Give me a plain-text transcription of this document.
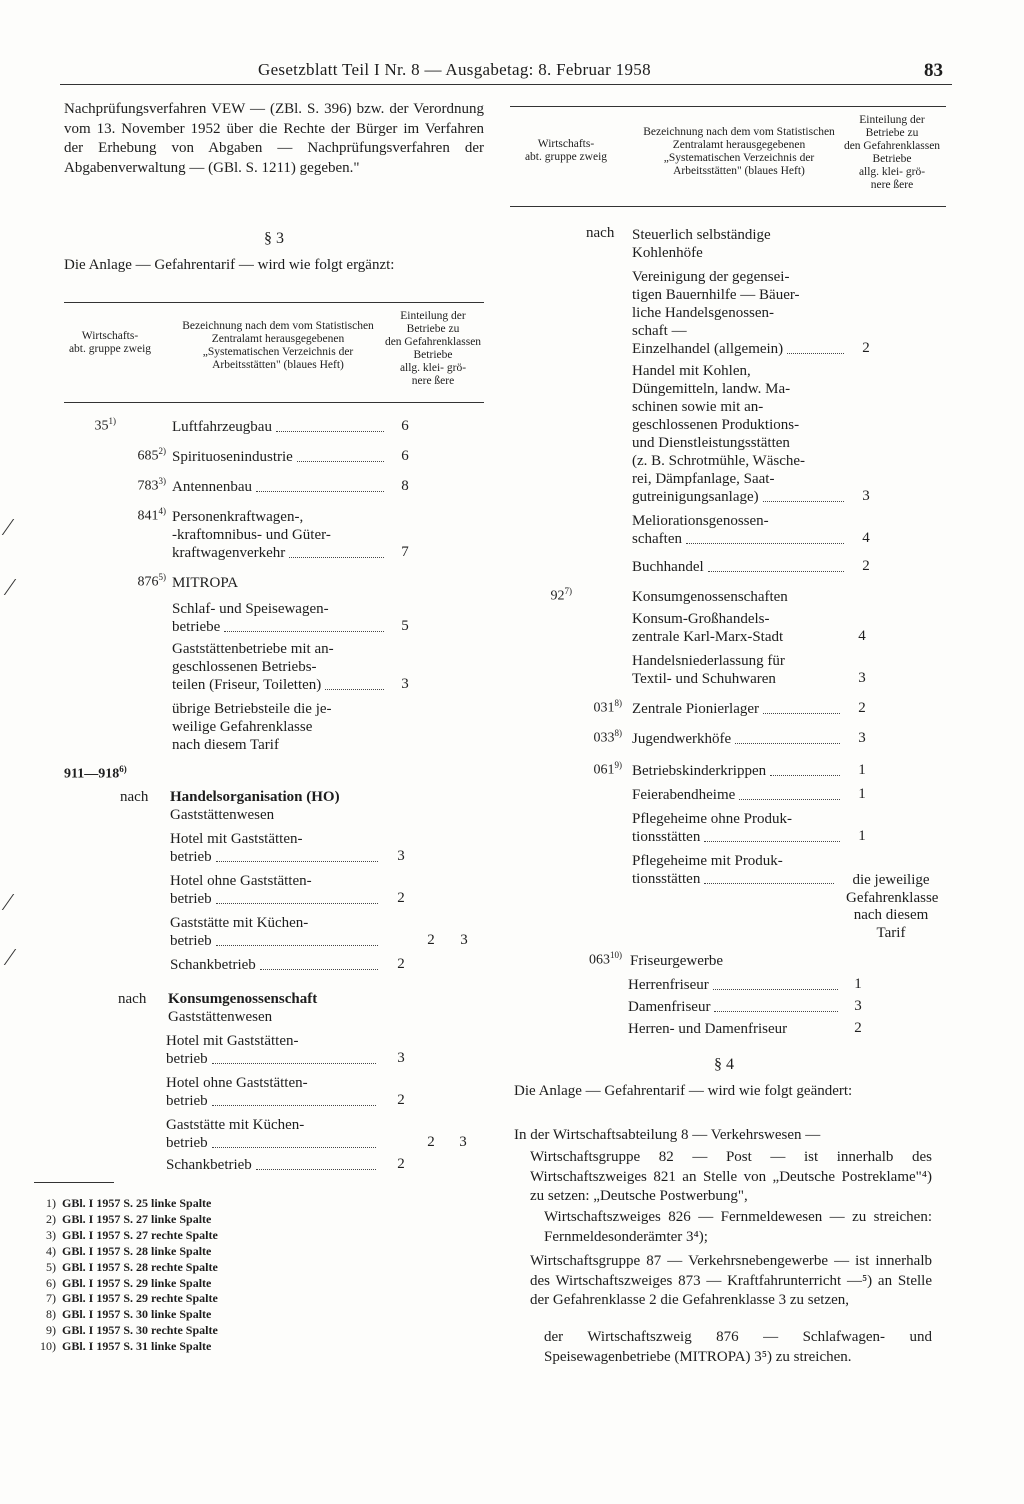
Gesetzblatt Teil I Nr. 8 — Ausgabetag: 8. Februar 1958	83
Nachprüfungsverfahren VEW — (ZBl. S. 396) bzw. der Verordnung vom 13. November 1952 über die Rechte der Bürger im Verfahren der Erhebung von Abgaben — Nachprüfungsverfahren der Abgabenverwaltung — (GBl. S. 1211) gegeben."
§ 3
Die Anlage — Gefahrentarif — wird wie folgt ergänzt:
Wirtschafts-
abt. gruppe zweig
Bezeichnung nach dem vom Statistischen Zentralamt herausgegebenen „Systematischen Verzeichnis der Arbeitsstätten" (blaues Heft)
Einteilung der
Betriebe zu
den Gefahrenklassen
Betriebe
allg. klei- grö-
nere ßere
35$^{1)}$	Luftfahrzeugbau	6
685$^{2)}$ Spirituosenindustrie	6
783$^{3)}$ Antennenbau	8
841$^{4)}$ Personenkraftwagen-,
-kraftomnibus- und Güter-
kraftwagenverkehr	7
876$^{5)}$ MITROPA
Schlaf- und Speisewagen-
betriebe	5
Gaststättenbetriebe mit an-
geschlossenen Betriebs-
teilen (Friseur, Toiletten)	3
übrige Betriebsteile die je-
weilige Gefahrenklasse
nach diesem Tarif
911—918$^{6)}$
nach Handelsorganisation (HO)
Gaststättenwesen
Hotel mit Gaststätten-
betrieb	3
Hotel ohne Gaststätten-
betrieb	2
Gaststätte mit Küchen-
betrieb	2 3
Schankbetrieb	2
nach Konsumgenossenschaft
Gaststättenwesen
Hotel mit Gaststätten-
betrieb	3
Hotel ohne Gaststätten-
betrieb	2
Gaststätte mit Küchen-
betrieb	2 3
Schankbetrieb	2
1) GBl. I 1957 S. 25 linke Spalte
2) GBl. I 1957 S. 27 linke Spalte
3) GBl. I 1957 S. 27 rechte Spalte
4) GBl. I 1957 S. 28 linke Spalte
5) GBl. I 1957 S. 28 rechte Spalte
6) GBl. I 1957 S. 29 linke Spalte
7) GBl. I 1957 S. 29 rechte Spalte
8) GBl. I 1957 S. 30 linke Spalte
9) GBl. I 1957 S. 30 rechte Spalte
10) GBl. I 1957 S. 31 linke Spalte
⁄
⁄
⁄
⁄
Wirtschafts-
abt. gruppe zweig
Bezeichnung nach dem vom Statistischen Zentralamt herausgegebenen „Systematischen Verzeichnis der Arbeitsstätten" (blaues Heft)
Einteilung der
Betriebe zu
den Gefahrenklassen
Betriebe
allg. klei- grö-
nere ßere
nach Steuerlich selbständige
Kohlenhöfe
Vereinigung der gegensei-
tigen Bauernhilfe — Bäuer-
liche Handelsgenossen-
schaft —
Einzelhandel (allgemein)	2
Handel mit Kohlen,
Düngemitteln, landw. Ma-
schinen sowie mit an-
geschlossenen Produktions-
und Dienstleistungsstätten
(z. B. Schrotmühle, Wäsche-
rei, Dämpfanlage, Saat-
gutreinigungsanlage)	3
Meliorationsgenossen-
schaften	4
Buchhandel	2
92$^{7)}$	Konsumgenossenschaften
Konsum-Großhandels-
zentrale Karl-Marx-Stadt	4
Handelsniederlassung für
Textil- und Schuhwaren	3
031$^{8)}$ Zentrale Pionierlager	2
033$^{8)}$ Jugendwerkhöfe	3
061$^{9)}$ Betriebskinderkrippen	1
Feierabendheime	1
Pflegeheime ohne Produk-
tionsstätten	1
Pflegeheime mit Produk-
tionsstätten	die jeweilige Gefahrenklasse nach diesem Tarif
063$^{10)}$ Friseurgewerbe
Herrenfriseur	1
Damenfriseur	3
Herren- und Damenfriseur	2
§ 4
Die Anlage — Gefahrentarif — wird wie folgt geändert:
In der Wirtschaftsabteilung 8 — Verkehrswesen —
Wirtschaftsgruppe 82 — Post — ist innerhalb des Wirtschaftszweiges 821 an Stelle von „Deutsche Postreklame"⁴) zu setzen: „Deutsche Postwerbung",
Wirtschaftszweiges 826 — Fernmeldewesen — zu streichen: Fernmeldesonderämter 3⁴);
Wirtschaftsgruppe 87 — Verkehrsnebengewerbe — ist innerhalb des Wirtschaftszweiges 873 — Kraftfahrunterricht —⁵) an Stelle der Gefahrenklasse 2 die Gefahrenklasse 3 zu setzen,
der Wirtschaftszweig 876 — Schlafwagen- und Speisewagenbetriebe (MITROPA) 3⁵) zu streichen.
